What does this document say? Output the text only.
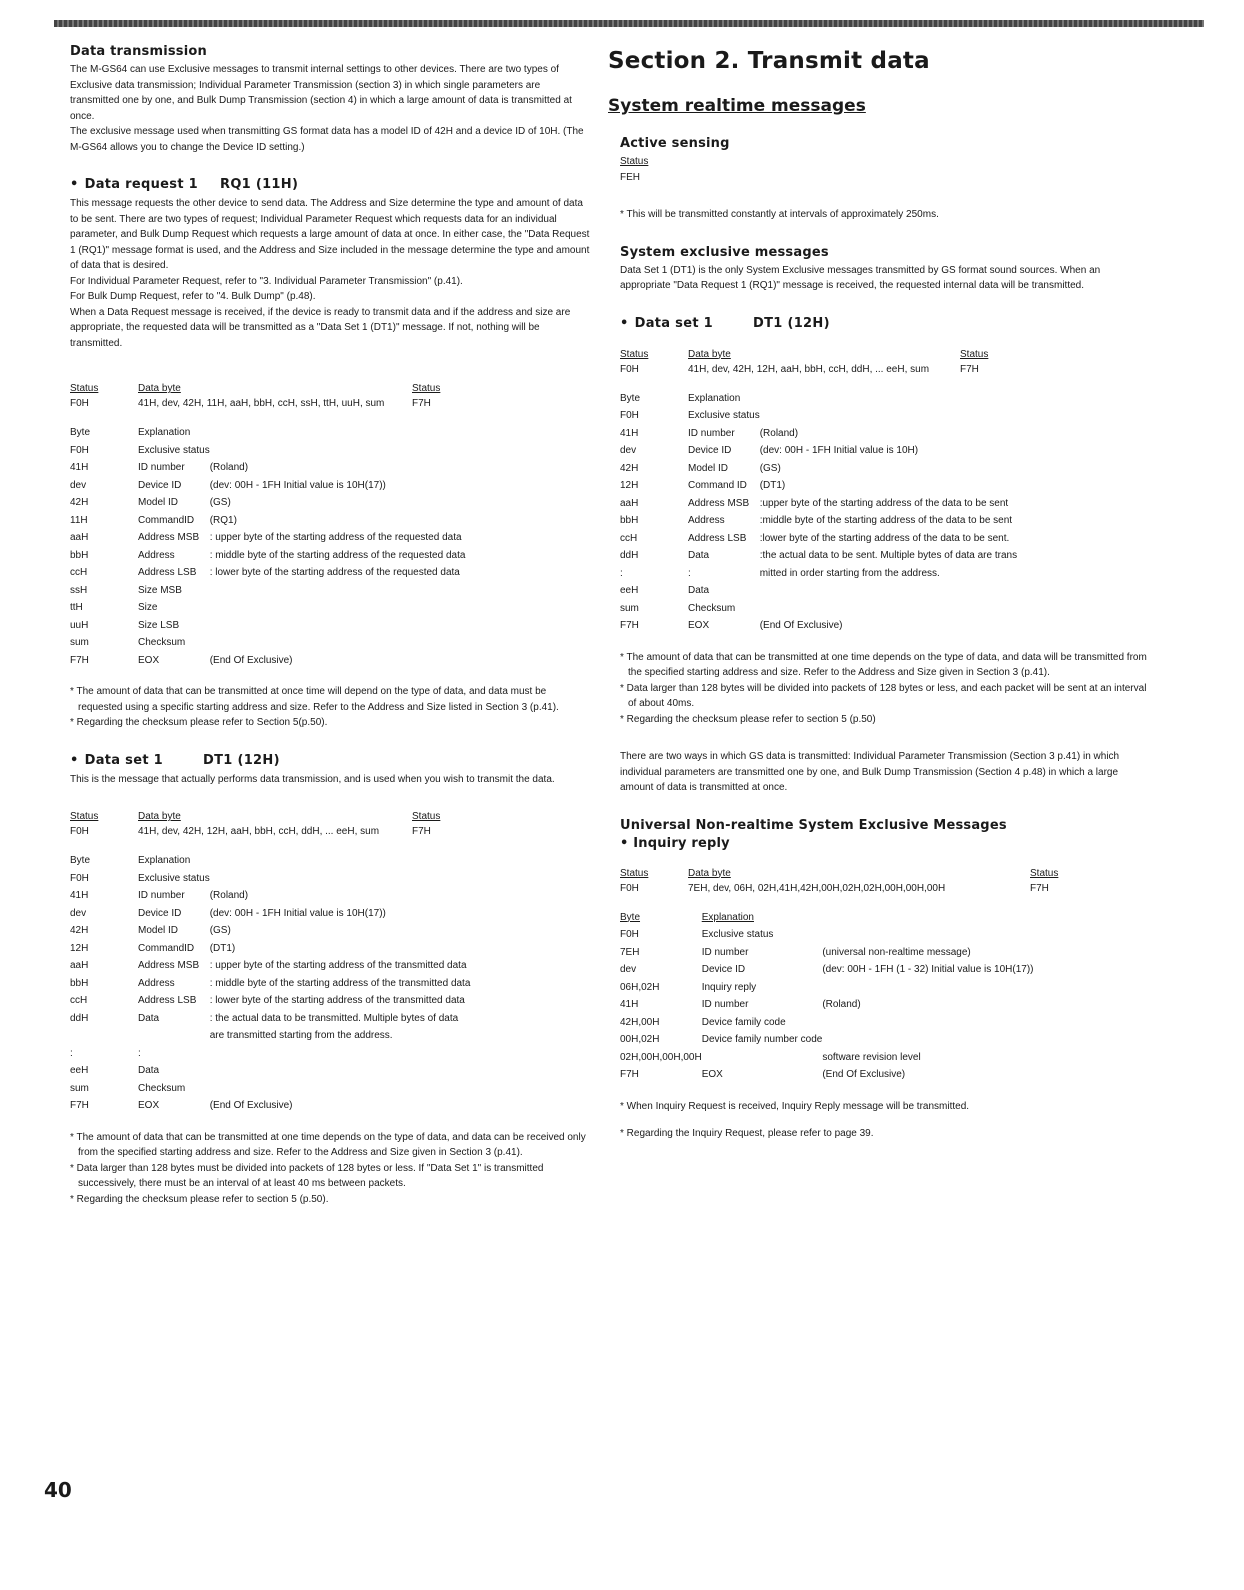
Data transmission

The M-GS64 can use Exclusive messages to transmit internal settings to other devices. There are two types of Exclusive data transmission; Individual Parameter Transmission (section 3) in which single parameters are transmitted one by one, and Bulk Dump Transmission (section 4) in which a large amount of data is transmitted at once.

The exclusive message used when transmitting GS format data has a model ID of 42H and a device ID of 10H. (The M-GS64 allows you to change the Device ID setting.)

• Data request 1 RQ1 (11H)

This message requests the other device to send data. The Address and Size determine the type and amount of data to be sent. There are two types of request; Individual Parameter Request which requests data for an individual parameter, and Bulk Dump Request which requests a large amount of data at once. In either case, the "Data Request 1 (RQ1)" message format is used, and the Address and Size included in the message determine the type and amount of data that is desired.

For Individual Parameter Request, refer to "3. Individual Parameter Transmission" (p.41).

For Bulk Dump Request, refer to "4. Bulk Dump" (p.48).

When a Data Request message is received, if the device is ready to transmit data and if the address and size are appropriate, the requested data will be transmitted as a "Data Set 1 (DT1)" message. If not, nothing will be transmitted.

Status	Data byte	Status
F0H	41H, dev, 42H, 11H, aaH, bbH, ccH, ssH, ttH, uuH, sum	F7H
Byte	Explanation	
F0H	Exclusive status	
41H	ID number	(Roland)
dev	Device ID	(dev: 00H - 1FH Initial value is 10H(17))
42H	Model ID	(GS)
11H	CommandID	(RQ1)
aaH	Address MSB	: upper byte of the starting address of the requested data
bbH	Address	: middle byte of the starting address of the requested data
ccH	Address LSB	: lower byte of the starting address of the requested data
ssH	Size MSB	
ttH	Size	
uuH	Size LSB	
sum	Checksum	
F7H	EOX	(End Of Exclusive)

* The amount of data that can be transmitted at once time will depend on the type of data, and data must be requested using a specific starting address and size. Refer to the Address and Size listed in Section 3 (p.41).

* Regarding the checksum please refer to Section 5(p.50).

• Data set 1	DT1 (12H)

This is the message that actually performs data transmission, and is used when you wish to transmit the data.

Status	Data byte	Status
F0H	41H, dev, 42H, 12H, aaH, bbH, ccH, ddH, ... eeH, sum	F7H
Byte	Explanation	
F0H	Exclusive status	
41H	ID number	(Roland)
dev	Device ID	(dev: 00H - 1FH Initial value is 10H(17))
42H	Model ID	(GS)
12H	CommandID	(DT1)
aaH	Address MSB	: upper byte of the starting address of the transmitted data
bbH	Address	: middle byte of the starting address of the transmitted data
ccH	Address LSB	: lower byte of the starting address of the transmitted data
ddH	Data	: the actual data to be transmitted. Multiple bytes of data
		are transmitted starting from the address.
:	:	
eeH	Data	
sum	Checksum	
F7H	EOX	(End Of Exclusive)

* The amount of data that can be transmitted at one time depends on the type of data, and data can be received only from the specified starting address and size. Refer to the Address and Size given in Section 3 (p.41).

* Data larger than 128 bytes must be divided into packets of 128 bytes or less. If "Data Set 1" is transmitted successively, there must be an interval of at least 40 ms between packets.

* Regarding the checksum please refer to section 5 (p.50).

Section 2. Transmit data
System realtime messages
Active sensing

Status

FEH

* This will be transmitted constantly at intervals of approximately 250ms.

System exclusive messages

Data Set 1 (DT1) is the only System Exclusive messages transmitted by GS format sound sources. When an appropriate "Data Request 1 (RQ1)" message is received, the requested internal data will be transmitted.

• Data set 1	DT1 (12H)
Status	Data byte	Status
F0H	41H, dev, 42H, 12H, aaH, bbH, ccH, ddH, ... eeH, sum	F7H
Byte	Explanation	
F0H	Exclusive status	
41H	ID number	(Roland)
dev	Device ID	(dev: 00H - 1FH Initial value is 10H)
42H	Model ID	(GS)
12H	Command ID	(DT1)
aaH	Address MSB	:upper byte of the starting address of the data to be sent
bbH	Address	:middle byte of the starting address of the data to be sent
ccH	Address LSB	:lower byte of the starting address of the data to be sent.
ddH	Data	:the actual data to be sent. Multiple bytes of data are trans
:	:	mitted in order starting from the address.
eeH	Data	
sum	Checksum	
F7H	EOX	(End Of Exclusive)

* The amount of data that can be transmitted at one time depends on the type of data, and data will be transmitted from the specified starting address and size. Refer to the Address and Size given in Section 3 (p.41).

* Data larger than 128 bytes will be divided into packets of 128 bytes or less, and each packet will be sent at an interval of about 40ms.

* Regarding the checksum please refer to section 5 (p.50)

There are two ways in which GS data is transmitted: Individual Parameter Transmission (Section 3 p.41) in which individual parameters are transmitted one by one, and Bulk Dump Transmission (Section 4 p.48) in which a large amount of data is transmitted at once.

Universal Non-realtime System Exclusive Messages
• Inquiry reply
Status	Data byte	Status
F0H	7EH, dev, 06H, 02H,41H,42H,00H,02H,02H,00H,00H,00H	F7H
Byte	Explanation	
F0H	Exclusive status	
7EH	ID number	(universal non-realtime message)
dev	Device ID	(dev: 00H - 1FH (1 - 32) Initial value is 10H(17))
06H,02H	Inquiry reply	
41H	ID number	(Roland)
42H,00H	Device family code	
00H,02H	Device family number code	
02H,00H,00H,00H		software revision level
F7H	EOX	(End Of Exclusive)

* When Inquiry Request is received, Inquiry Reply message will be transmitted.

* Regarding the Inquiry Request, please refer to page 39.

40
